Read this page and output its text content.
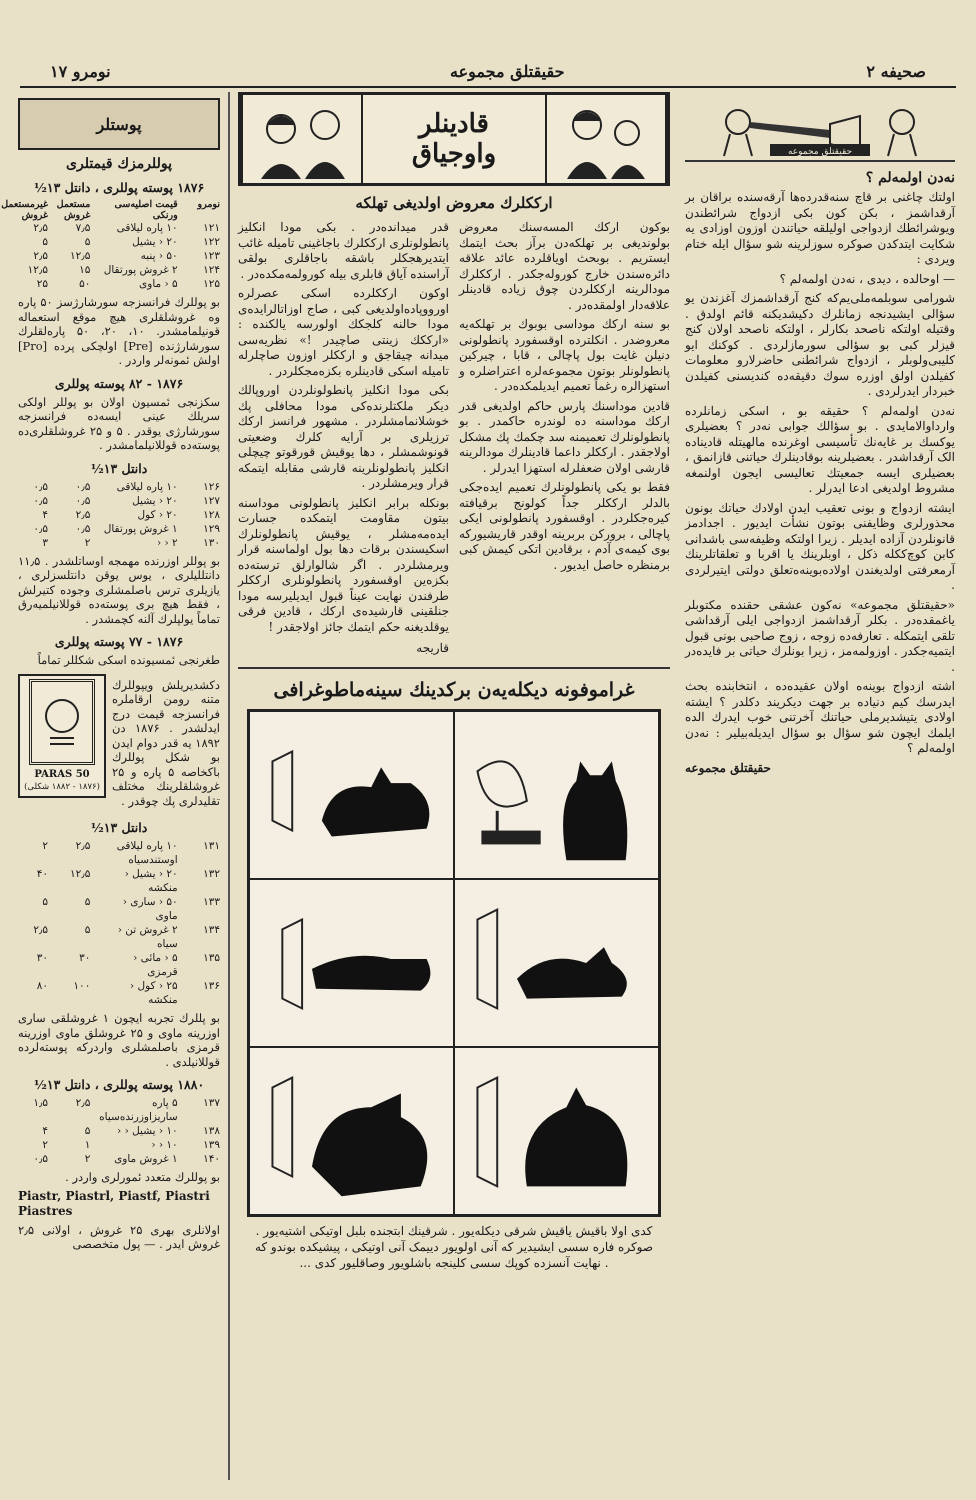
نومرو ۱۷	حقیقتلق مجموعه	صحیفه ۲
حقیقتلق مجموعه
نه‌دن اولمه‌لم ؟

اولتك چاغنی بر قاچ سنه‌قدرده‌ها آرقه‌سنده براقان بر آرقداشمز ، بکن کون بکی ازدواج شرائطندن ویوشرائطك ازدواجی اولیلقه حیاتندن اوزون اوزادی یه شکایت ایتدکدن صوکره سوزلرینه شو سؤال ایله ختام ویردی :

— اوحالده ، دیدی ، نه‌دن اولمه‌لم ؟

شورامی سوبلمه‌ملی‌یم‌که کنج آرقداشمزك آغزندن یو سؤالی ایشیدنجه زمانلرك دکیشدیکنه قائم اولدق . وقتیله اولتکه ناصحد بکارلر ، اولتکه ناصحد اولان کنج قیزلر کبی بو سؤالی سورمازلردی . کوکنك ایو کلیبی‌ولوبلر ، ازدواج شرائطنی حاضرلارو معلومات کفیلدن اولق اوزره سوك دقیقه‌ده کندیسنی کفیلدن خبردار ایدرلردی .

نه‌دن اولمه‌لم ؟ حقیقه بو ، اسکی زمانلرده وارداوالامایدی . بو سؤالك جوابی نه‌در ؟ بعضیلری یوکسك بر غایه‌نك تأسیسی اوغرنده مالهیتله قادیناده الک آرقداشدر . بعضیلرینه بوقادینلرك حیاتنی قازانمق ، بعضیلری ایسه جمعیتك تعالیسی ایجون اولنمغه مشروط اولدیغی ادعا ایدرلر .

ایشته ازدواج و بونی تعقیب ایدن اولادك حیاتك بونون محذورلری وظایفنی بوتون نشأت ایدیور . اجدادمز قانونلردن آزاده ایدیلر . زیرا اولتکه وظیفه‌سی باشدانی کابن کوچ‌ککله ذکل ، اوبلرینك یا اقربا و تعلقاتلرینك آرمعرفتی اولدیغندن اولاده‌بوینه‌ه‌تعلق دولتی ایتیرلردی .

«حقیقتلق مجموعه» نه‌کون عشقی حقنده مکتوبلر یاغمقده‌در . بکلر آرقداشمز ازدواجی ایلی آرقداشی تلقی ایتمکله . تعارفه‌ده زوجه ، زوج صاحبی بونی قبول ایتمیه‌جكدر . اوزولمه‌مز ، زیرا بونلرك حیاتی بر فایده‌در .

اشته ازدواج بوینه‌ه اولان عقیده‌ده ، انتخابنده بحث ایدرسك کیم دنیاده بر جهت دیکریند دکلدر ؟ ایشته اولادی یتیشدیرملی حیاتنك آخرتنی خوب ایدرك الده ایلمك ایچون شو سؤال بو سؤال ایدیله‌بیلیر : نه‌دن اولمه‌لم ؟

حقیقتلق مجموعه
پوستلر
پوللرمزك قیمتلری
۱۸۷۶ پوسته پوللری ، دانتل ۱۳½
نومرو
قیمت اصلیه‌سی ورنکی
مستعمل غروش
غیرمستعمل غروش
۱۲۱
۱۰ پاره لیلاقی
۷٫۵
۲٫۵
۱۲۲
۲۰ ‹ یشیل
۵
۵
۱۲۳
۵۰ ‹ پنبه
۱۲٫۵
۲٫۵
۱۲۴
۲ غروش پورتقال
۱۵
۱۲٫۵
۱۲۵
۵ ‹ ماوی
۵۰
۲۵

بو پوللرك فرانسزجه سورشارژسز ۵۰ پاره وه غروشلقلری هیچ موقع استعماله قونیلمامشدر. ۱۰، ۲۰، ۵۰ پاره‌لقلرك سورشارژنده [Pre] اولچکی پرده [Pro] اولش ئمونه‌لر واردر .

۱۸۷۶ - ۸۲ پوسته پوللری

سکزنجی ئمسیون اولان بو پوللر اولکی سریلك عینی ایسه‌ده فرانسزجه سورشارژی یوقدر . ۵ و ۲۵ غروشلقلری‌ده پوسته‌ده قوللانیلمامشدر .

دانتل ۱۳½
۱۲۶
۱۰ پاره لیلاقی
۰٫۵
۰٫۵
۱۲۷
۲۰ ‹ یشیل
۰٫۵
۰٫۵
۱۲۸
۲۰ ‹ کول
۲٫۵
۴
۱۲۹
۱ غروش پورتقال
۰٫۵
۰٫۵
۱۳۰
۲ ‹ ‹
۲
۳

بو پوللر اوزرنده مهمجه اوساتلشدر . ۱۱٫۵ دانتللیلری ، یوس یوقن دانتلسزلری ، یازیلری ترس باصلمشلری وجوده کتیرلش ، فقط هیچ بری پوسته‌ده قوللانیلمیه‌رق تماماً یولپلرك آلنه کچمشدر .

۱۸۷۶ - ۷۷ پوسته پوللری

طغرنجی ئمسیونده اسکی شکللر تماماً

دکشدیریلش ویپوللرك متنه رومن ارقاملره فرانسزجه قیمت درج ایدلشدر . ۱۸۷۶ دن ۱۸۹۲ یه قدر دوام ایدن بو شکل پوللرك باکخاصه ۵ پاره و ۲۵ غروشلقلرینك مختلف تقلیدلری پك چوقدر .
50 PARAS
(۱۸۷۶ - ۱۸۸۲ شکلی)
دانتل ۱۳½
۱۳۱
۱۰ پاره لیلاقی اوستندسیاه
۲٫۵
۲
۱۳۲
۲۰ ‹ یشیل ‹ منکشه
۱۲٫۵
۴۰
۱۳۳
۵۰ ‹ ساری ‹ ماوی
۵
۵
۱۳۴
۲ غروش تن ‹ سیاه
۵
۲٫۵
۱۳۵
۵ ‹ مائی ‹ قرمزی
۳۰
۳۰
۱۳۶
۲۵ ‹ کول ‹ منکشه
۱۰۰
۸۰

بو پللرك تجربه ایچون ۱ غروشلقی ساری اوزرینه ماوی و ۲۵ غروشلق ماوی اوزرینه قرمزی باصلمشلری واردرکه پوسته‌لرده قوللانیلدی .

۱۸۸۰ پوسته پوللری ، دانتل ۱۳½
۱۳۷
۵ پاره ساریزاوزرنده‌سیاه
۲٫۵
۱٫۵
۱۳۸
۱۰ ‹ یشیل ‹ ‹
۵
۴
۱۳۹
۱۰ ‹ ‹
۱
۲
۱۴۰
۱ غروش ماوی
۲
۰٫۵

بو پوللرك متعدد ئمورلری واردر .

Piastr, Piastrl, Piastf, Piastri
Piastres

اولانلری بهری ۲۵ غروش ، اولانی ۲٫۵ غروش ایدر . — پول متخصصی

قادینلر
واوجیاق
ارککلرك معروض اولدیغی تهلکه

بوکون ارکك المسه‌سنك معروض بولوندیغی بر تهلکه‌دن برآز بحث ایتمك ایستریم . بوبحث اویاقلرده عائد علاقه دائره‌سندن خارج کوروله‌جکدر . ارککلرك مودالرینه ارککلردن چوق زیاده قادینلر علاقه‌دار اولمقده‌در .

بو سنه ارکك موداسی بوبوك بر تهلکه‌یه معروضدر . انکلترده اوقسفورد پانطولونی دنیلن غایت بول پاچالی ، قابا ، چیرکین پانطولونلر بوتون مجموعه‌لره اعتراضلره و استهزالره رغماً تعمیم ایدیلمکده‌در .

قادین موداسنك پارس حاکم اولدیغی قدر ارکك موداسنه ده لوندره حاکمدر . بو پانطولونلرك تعمیمنه سد چکمك پك مشکل اولاجقدر . ارککلر داعما قادینلرك مودالرینه قارشی اولان ضعفلرله استهزا ایدرلر .

فقط بو یکی پانطولونلرك تعمیم ایده‌جکی بالدلر ارککلر جداً کولونج برقیافته کیره‌جکلردر . اوقسفورد پانطولونی ایکی پاچالی ، برورکن بربرینه اوقدر قاریشیورکه بوی کیمه‌ی آدم ، برقادین اتکی کیمش کبی برمنظره حاصل ایدیور .

قدر میدانده‌در . بکی مودا انکلیز پانطولونلری ارککلرك باجاغینی تامیله غائب ایتدیرهجکلر باشقه باجاقلری بولقی آراسنده آیاق قابلری بیله کورولمه‌مکده‌در .

اوکون ارککلرده اسکی عصرلره اورووپاده‌اولدیغی کبی ، صاج اوزاتالرایده‌ی مودا حالنه کلجکك اولورسه یالکنده : «ارککك زینتی صاچیدر !» نظریه‌سی میدانه چیقاجق و ارککلر اوزون صاچلرله تامیله اسکی قادینلره بکزه‌مجکلردر .

بکی مودا انکلیز پانطولونلردن اوروپالك دیکر ملکتلرنده‌کی مودا محافلی پك خوشلانمامشلردر . مشهور فرانسز ارکك ترزیلری بر آرایه کلرك وضعیتی قونوشمشلر ، دها یوقیش قورقوتو چیچلی انکلیز پانطولونلرینه قارشی مقابله ایتمکه قرار ویرمشلردر .

بونکله برابر انکلیز پانطولونی موداسنه بیتون مقاومت ایتمکده جسارت ایده‌مه‌مشلر ، یوقیش پانطولونلرك اسکیسندن برقات دها بول اولماسنه قرار ویرمشلردر . اگر شالوارلق ترسته‌ده بکزه‌ین اوقسفورد پانطولونلری ارککلر طرفندن نهایت عیناً قبول ایدیلیرسه مودا جنلقینی قارشیده‌ی ارکك ، قادین فرقی یوقلدیغنه حکم ایتمك جائز اولاجقدر !

قاریجه
غراموفونه دیکله‌یه‌ن برکدینك سینه‌ماطوغرافی
کدی اولا باقیش یاقیش شرقی دیکله‌یور . شرقینك ابتجنده بلبل اوتیکی اشتیه‌یور . صوکره فاره سسی ایشیدیر که آنی اولویور دییمک آنی اوتیکی ، پیشیکده بوندو که . نهایت آنسزده کوپك سسی کلینجه باشلویور وصاقلیور کدی ...
